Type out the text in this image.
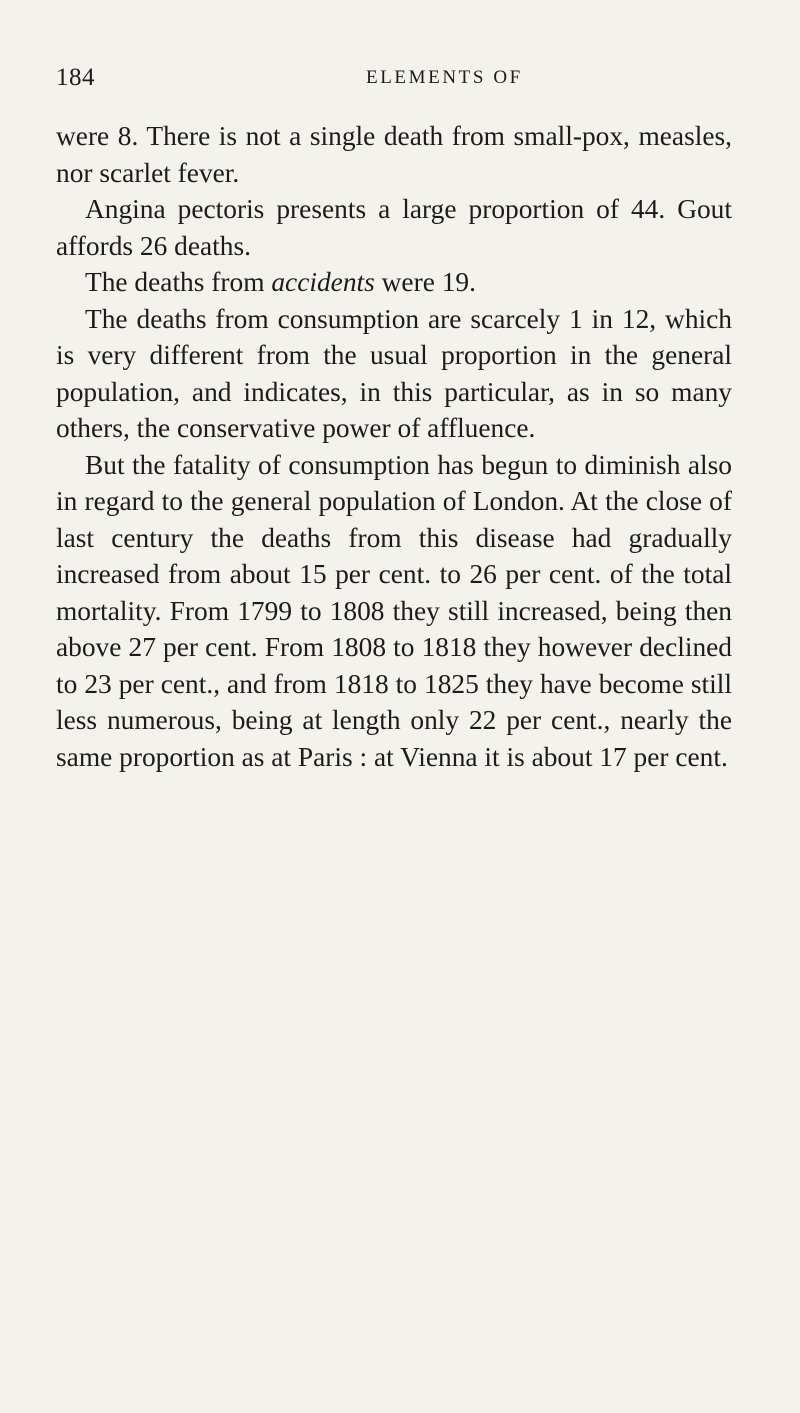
184	ELEMENTS OF

were 8. There is not a single death from small-pox, measles, nor scarlet fever.

Angina pectoris presents a large proportion of 44. Gout affords 26 deaths.

The deaths from accidents were 19.

The deaths from consumption are scarcely 1 in 12, which is very different from the usual proportion in the general population, and indicates, in this particular, as in so many others, the conservative power of affluence.

But the fatality of consumption has begun to diminish also in regard to the general population of London. At the close of last century the deaths from this disease had gradually increased from about 15 per cent. to 26 per cent. of the total mortality. From 1799 to 1808 they still increased, being then above 27 per cent. From 1808 to 1818 they however declined to 23 per cent., and from 1818 to 1825 they have become still less numerous, being at length only 22 per cent., nearly the same proportion as at Paris : at Vienna it is about 17 per cent.
